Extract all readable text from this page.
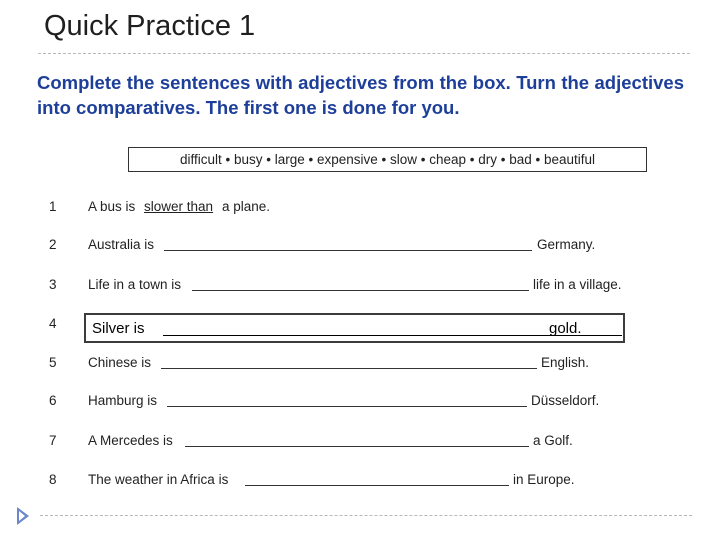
Quick Practice 1
Complete the sentences with adjectives from the box. Turn the adjectives into comparatives. The first one is done for you.
difficult • busy • large • expensive • slow • cheap • dry • bad • beautiful
1 A bus is slower than a plane.
2 Australia is	Germany.
3 Life in a town is	life in a village.
4 Silver is	gold.
5 Chinese is	English.
6 Hamburg is	Düsseldorf.
7 A Mercedes is	a Golf.
8 The weather in Africa is	in Europe.
